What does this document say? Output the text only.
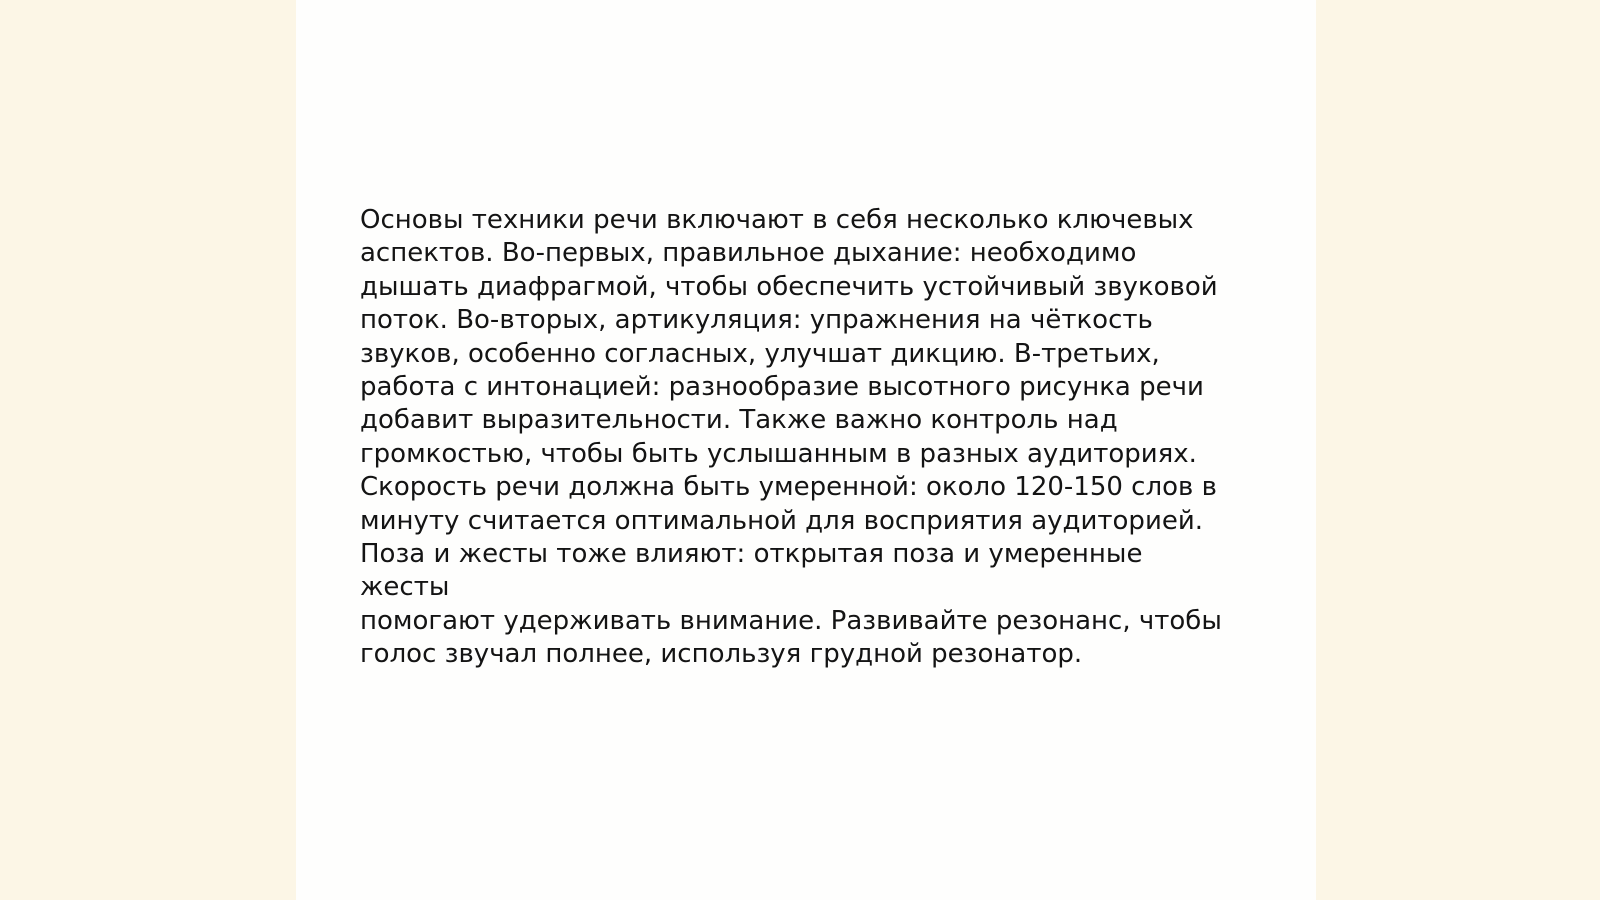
Основы техники речи включают в себя несколько ключевых
аспектов. Во-первых, правильное дыхание: необходимо
дышать диафрагмой, чтобы обеспечить устойчивый звуковой
поток. Во-вторых, артикуляция: упражнения на чёткость
звуков, особенно согласных, улучшат дикцию. В-третьих,
работа с интонацией: разнообразие высотного рисунка речи
добавит выразительности. Также важно контроль над
громкостью, чтобы быть услышанным в разных аудиториях.
Скорость речи должна быть умеренной: около 120-150 слов в
минуту считается оптимальной для восприятия аудиторией.
Поза и жесты тоже влияют: открытая поза и умеренные жесты
помогают удерживать внимание. Развивайте резонанс, чтобы
голос звучал полнее, используя грудной резонатор.
